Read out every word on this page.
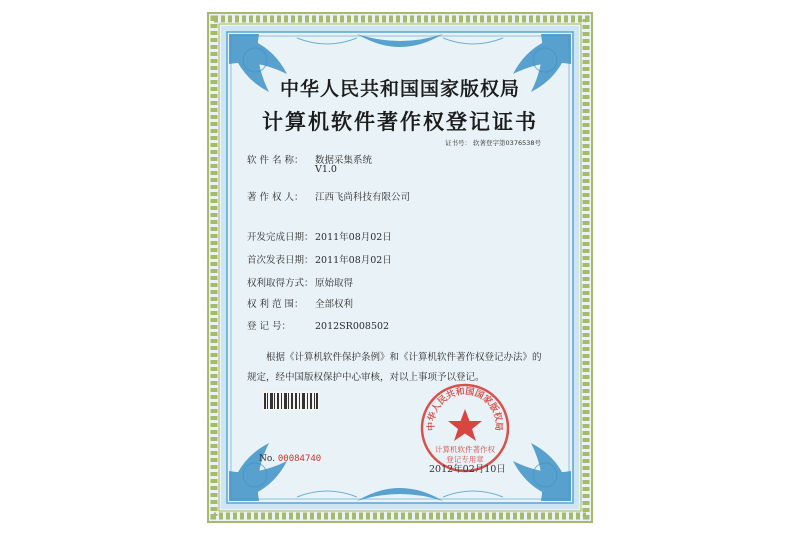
中华人民共和国国家版权局
计算机软件著作权登记证书
证书号： 软著登字第0376538号
软 件 名 称： 数据采集系统
V1.0
著 作 权 人： 江西飞尚科技有限公司
开发完成日期：2011年08月02日
首次发表日期：2011年08月02日
权利取得方式：原始取得
权 利 范 围： 全部权利
登 记 号：	2012SR008502
根据《计算机软件保护条例》和《计算机软件著作权登记办法》的
规定，经中国版权保护中心审核，对以上事项予以登记。
No. 00084740
中华人民共和国国家版权局
计算机软件著作权
登记专用章
2012年02月10日
